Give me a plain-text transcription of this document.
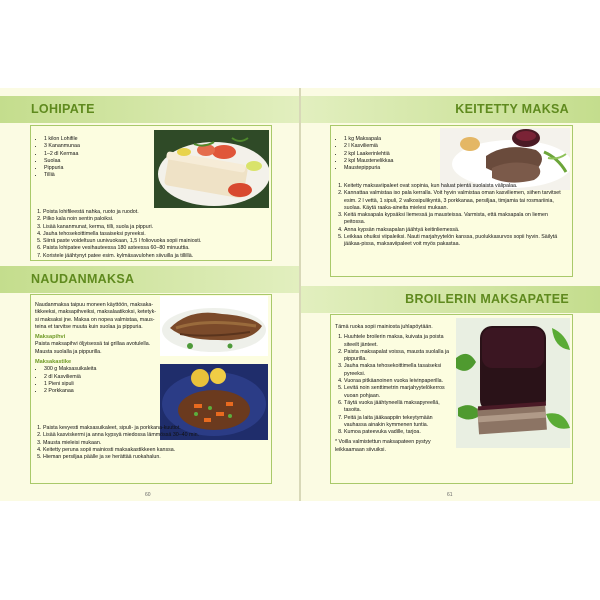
LOHIPATE
• 1 kilon Lohifile
• 3 Kananmunaa
• 1–2 dl Kermaa
• Suolaa
• Pippuria
• Tilliä
1. Poista lohifileestä nahka, ruoto ja ruodot.
2. Pilko kala noin sentin paloiksi.
3. Lisää kananmunat, kerma, tilli, suola ja pippuri.
4. Jauha tehosekoittimella tasaiseksi pyreeksi.
5. Siirrä paste voideltuun uunivuokaan, 1,5 l foliovuoka sopii mainiosti.
6. Paista lohipatee vesihauteessa 180 asteessa 60–80 minuuttia.
7. Koristele jäähtynyt patee esim. kylmäsavulohen siivuilla ja tillillä.
NAUDANMAKSA

Naudanmaksa taipuu moneen käyttöön, maksaka-tikkeeksi, maksapihveiksi, maksalaatikoksi, ketetyk-si maksaksi jne. Maksa on nopea valmistaa, maus-teina et tarvitse muuta kuin suolaa ja pippuria.

Maksapihvi

Paista maksapihvi öljyisessä tai grillaa avotulella. Mausta suolalla ja pippurilla.

Maksakastike

• 300 g Maksasuikaleita
• 2 dl Kasviliemiä
• 1 Pieni sipuli
• 2 Porkkanaa
1. Paista kevyesti maksasuikaleet, sipuli- ja porkkana-kuutiot.
2. Lisää kasviskermi ja anna kypsyä miedossa lämmössä 30–40 min.
3. Mausta mieleisi mukaan.
4. Keitetty peruna sopii mainiosti maksakastikkeen kanssa.
5. Hieman persiljaa päälle ja se herättää ruokahalun.
60
KEITETTY MAKSA
• 1 kg Maksapala
• 2 l Kasviliemiä
• 2 kpl Laakerinlehtiä
• 2 kpl Maustenelikkaa
• Maustepippuria
1. Keitetty maksaviipaleet ovat sopinia, kun haluat pientä suolaista välipalaa.
2. Kannattaa valmistaa iso pala kerralla. Voit hyvin valmistaa oman kasviliemen, siihen tarvitset esim. 2 l vettä, 1 sipuli, 2 valkosipulikyntä, 3 porkkanaa, persiljaa, timjamia tai rosmariinia, suolaa. Käytä raaka-aineita mielesi mukaan.
3. Keitä maksapala kypsäksi liemessä ja mausteissa. Varmista, että maksapala on liemen peitossa.
4. Anna kypsän maksapalan jäähtyä keitinliemessä.
5. Leikkaa ohuiksi viipaleiksi. Nauti marjahyytelön kanssa, puolukkasurvos sopii hyvin. Säilytä jääkaa-pissa, maksaviipaleet voit myös pakastaa.
BROILERIN MAKSAPATEE

Tämä ruoka sopii mainiosta juhlapöytään.

1. Huuhtele broilerin maksa, kuivata ja poista siteeilt jänteet.
2. Paista maksapalat voissa, mausta suolalla ja pippurilla.
3. Jauha maksa tehosekoittimella tasaiseksi pyreeksi.
4. Vuoraa pitkäanoinen vuoka leivinpaperilla.
5. Levitä noin senttimetrin marjahyytelökerros vuoan pohjaan.
6. Täytä vuoka jäähtyneellä maksapyreellä, tasoita.
7. Peitä ja laita jääkaappiin tekeytymään vauhassa ainakin kymmenen tuntia.
8. Kumoa pateevuka vadille, tarjoa.

* Voilla valmistettun maksapateen pystyy leikkaamaan siivuiksi.

61
